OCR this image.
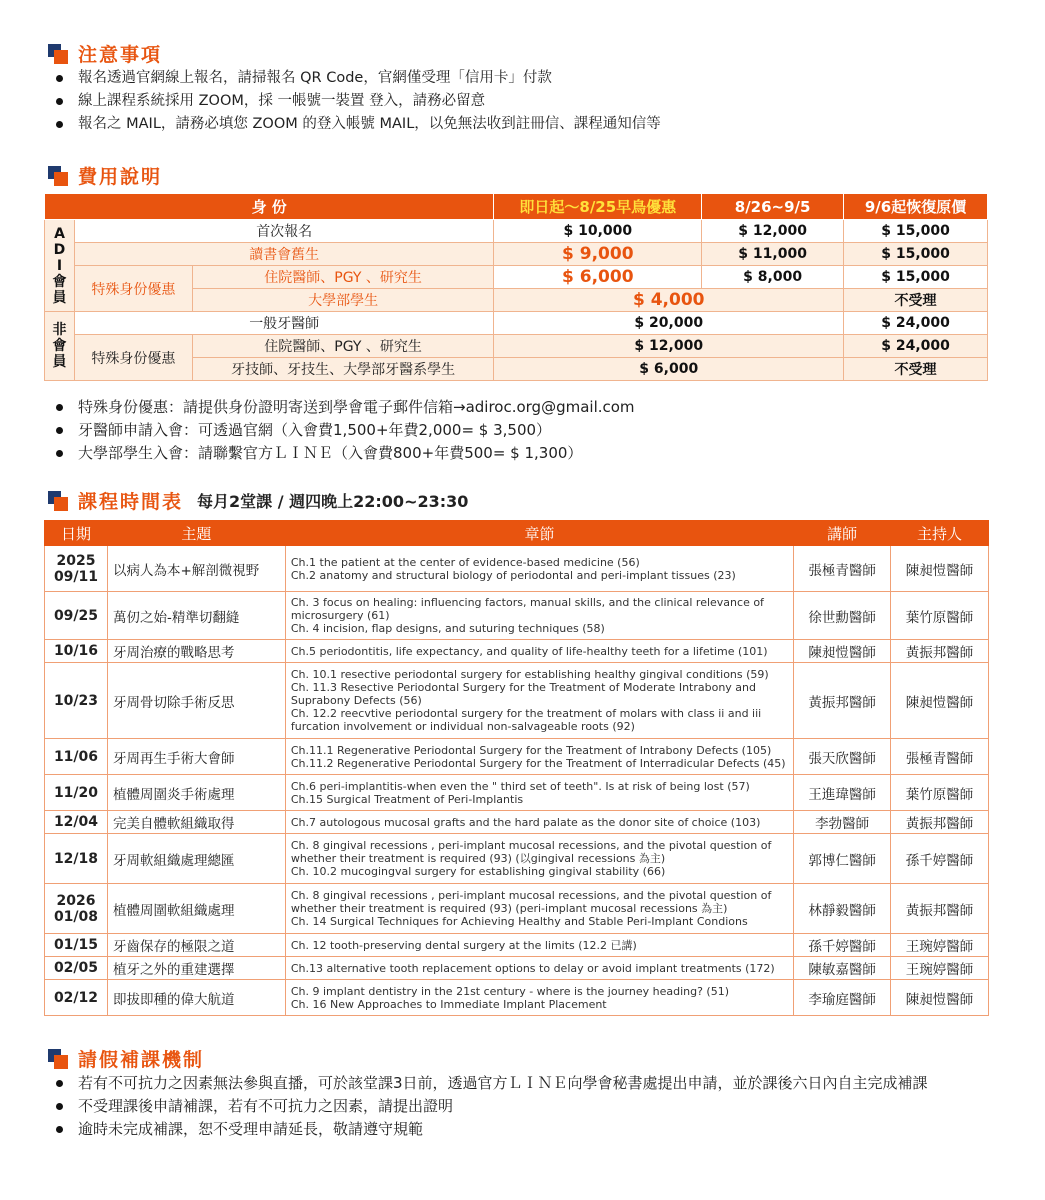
注意事項
報名透過官網線上報名，請掃報名 QR Code，官網僅受理「信用卡」付款
線上課程系統採用 ZOOM，採 一帳號一裝置 登入，請務必留意
報名之 MAIL，請務必填您 ZOOM 的登入帳號 MAIL，以免無法收到註冊信、課程通知信等
費用說明
身 份			即日起～8/25早鳥優惠	8/26~9/5	9/6起恢復原價
A
D
I
會
員	首次報名		$ 10,000	$ 12,000	$ 15,000
	讀書會舊生		$ 9,000	$ 11,000	$ 15,000
	特殊身份優惠	住院醫師、PGY 、研究生	$ 6,000	$ 8,000	$ 15,000
		大學部學生	$ 4,000		不受理
非
會
員	一般牙醫師		$ 20,000		$ 24,000
	特殊身份優惠	住院醫師、PGY 、研究生	$ 12,000		$ 24,000
		牙技師、牙技生、大學部牙醫系學生	$ 6,000		不受理
特殊身份優惠：請提供身份證明寄送到學會電子郵件信箱→adiroc.org@gmail.com
牙醫師申請入會：可透過官網（入會費1,500+年費2,000= $ 3,500）
大學部學生入會：請聯繫官方ＬＩＮＥ（入會費800+年費500= $ 1,300）
課程時間表 每月2堂課 / 週四晚上22:00~23:30
日期	主題	章節	講師	主持人
2025
09/11	以病人為本+解剖微視野	Ch.1 the patient at the center of evidence-based medicine (56)
Ch.2 anatomy and structural biology of periodontal and peri-implant tissues (23)	張極青醫師	陳昶愷醫師
09/25	萬仞之始-精準切翻縫	Ch. 3 focus on healing: influencing factors, manual skills, and the clinical relevance of
microsurgery (61)
Ch. 4 incision, flap designs, and suturing techniques (58)	徐世勳醫師	葉竹原醫師
10/16	牙周治療的戰略思考	Ch.5 periodontitis, life expectancy, and quality of life-healthy teeth for a lifetime (101)	陳昶愷醫師	黃振邦醫師
10/23	牙周骨切除手術反思	Ch. 10.1 resective periodontal surgery for establishing healthy gingival conditions (59)
Ch. 11.3 Resective Periodontal Surgery for the Treatment of Moderate Intrabony and
Suprabony Defects (56)
Ch. 12.2 reecvtive periodontal surgery for the treatment of molars with class ii and iii
furcation involvement or individual non-salvageable roots (92)	黃振邦醫師	陳昶愷醫師
11/06	牙周再生手術大會師	Ch.11.1 Regenerative Periodontal Surgery for the Treatment of Intrabony Defects (105)
Ch.11.2 Regenerative Periodontal Surgery for the Treatment of Interradicular Defects (45)	張天欣醫師	張極青醫師
11/20	植體周圍炎手術處理	Ch.6 peri-implantitis-when even the " third set of teeth". Is at risk of being lost (57)
Ch.15 Surgical Treatment of Peri-Implantis	王進瑋醫師	葉竹原醫師
12/04	完美自體軟組織取得	Ch.7 autologous mucosal grafts and the hard palate as the donor site of choice (103)	李勃醫師	黃振邦醫師
12/18	牙周軟組織處理總匯	Ch. 8 gingival recessions , peri-implant mucosal recessions, and the pivotal question of
whether their treatment is required (93) (以gingival recessions 為主)
Ch. 10.2 mucogingval surgery for establishing gingival stability (66)	郭博仁醫師	孫千婷醫師
2026
01/08	植體周圍軟組織處理	Ch. 8 gingival recessions , peri-implant mucosal recessions, and the pivotal question of
whether their treatment is required (93) (peri-implant mucosal recessions 為主)
Ch. 14 Surgical Techniques for Achieving Healthy and Stable Peri-Implant Condions	林靜毅醫師	黃振邦醫師
01/15	牙齒保存的極限之道	Ch. 12 tooth-preserving dental surgery at the limits (12.2 已講)	孫千婷醫師	王琬婷醫師
02/05	植牙之外的重建選擇	Ch.13 alternative tooth replacement options to delay or avoid implant treatments (172)	陳敏嘉醫師	王琬婷醫師
02/12	即拔即種的偉大航道	Ch. 9 implant dentistry in the 21st century - where is the journey heading? (51)
Ch. 16 New Approaches to Immediate Implant Placement	李瑜庭醫師	陳昶愷醫師
請假補課機制
若有不可抗力之因素無法參與直播，可於該堂課3日前，透過官方ＬＩＮＥ向學會秘書處提出申請，並於課後六日內自主完成補課
不受理課後申請補課，若有不可抗力之因素，請提出證明
逾時未完成補課，恕不受理申請延長，敬請遵守規範
